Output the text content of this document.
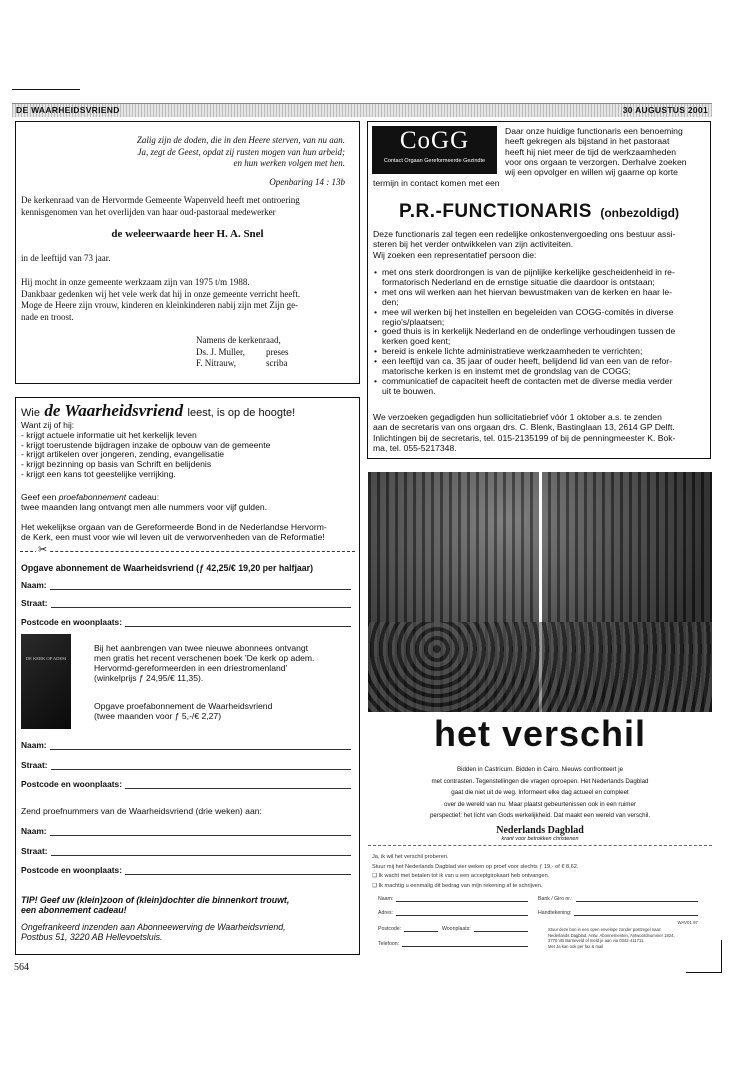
DE WAARHEIDSVRIEND	30 AUGUSTUS 2001
Zalig zijn de doden, die in den Heere sterven, van nu aan.
Ja, zegt de Geest, opdat zij rusten mogen van hun arbeid;
en hun werken volgen met hen.
Openbaring 14 : 13b
De kerkenraad van de Hervormde Gemeente Wapenveld heeft met ontroering
kennisgenomen van het overlijden van haar oud-pastoraal medewerker
de weleerwaarde heer H. A. Snel
in de leeftijd van 73 jaar.
Hij mocht in onze gemeente werkzaam zijn van 1975 t/m 1988.
Dankbaar gedenken wij het vele werk dat hij in onze gemeente verricht heeft.
Moge de Heere zijn vrouw, kinderen en kleinkinderen nabij zijn met Zijn ge-
nade en troost.
Namens de kerkenraad,
Ds. J. Muller, preses
F. Nitrauw,	scriba
CoGG
Contact Orgaan Gereformeerde Gezindte
Daar onze huidige functionaris een benoeming
heeft gekregen als bijstand in het pastoraat
heeft hij niet meer de tijd de werkzaamheden
voor ons orgaan te verzorgen. Derhalve zoeken
wij een opvolger en willen wij gaarne op korte
termijn in contact komen met een
P.R.-FUNCTIONARIS (onbezoldigd)
Deze functionaris zal tegen een redelijke onkostenvergoeding ons bestuur assi-
steren bij het verder ontwikkelen van zijn activiteiten.
Wij zoeken een representatief persoon die:
• met ons sterk doordrongen is van de pijnlijke kerkelijke gescheidenheid in re-
formatorisch Nederland en de ernstige situatie die daardoor is ontstaan;
• met ons wil werken aan het hiervan bewustmaken van de kerken en haar le-
den;
• mee wil werken bij het instellen en begeleiden van COGG-comités in diverse
regio's/plaatsen;
• goed thuis is in kerkelijk Nederland en de onderlinge verhoudingen tussen de
kerken goed kent;
• bereid is enkele lichte administratieve werkzaamheden te verrichten;
• een leeftijd van ca. 35 jaar of ouder heeft, belijdend lid van een van de refor-
matorische kerken is en instemt met de grondslag van de COGG;
• communicatief de capaciteit heeft de contacten met de diverse media verder
uit te bouwen.
We verzoeken gegadigden hun sollicitatiebrief vóór 1 oktober a.s. te zenden
aan de secretaris van ons orgaan drs. C. Blenk, Bastinglaan 13, 2614 GP Delft.
Inlichtingen bij de secretaris, tel. 015-2135199 of bij de penningmeester K. Bok-
ma, tel. 055-5217348.
Wie de Waarheidsvriend leest, is op de hoogte!
Want zij of hij:
- krijgt actuele informatie uit het kerkelijk leven
- krijgt toerustende bijdragen inzake de opbouw van de gemeente
- krijgt artikelen over jongeren, zending, evangelisatie
- krijgt bezinning op basis van Schrift en belijdenis
- krijgt een kans tot geestelijke verrijking.
Geef een proefabonnement cadeau:
twee maanden lang ontvangt men alle nummers voor vijf gulden.
Het wekelijkse orgaan van de Gereformeerde Bond in de Nederlandse Hervorm-
de Kerk, een must voor wie wil leven uit de verworvenheden van de Reformatie!
✂
Opgave abonnement de Waarheidsvriend (ƒ 42,25/€ 19,20 per halfjaar)
Naam:
Straat:
Postcode en woonplaats:
DE KERK OP ADEM
Bij het aanbrengen van twee nieuwe abonnees ontvangt
men gratis het recent verschenen boek 'De kerk op adem.
Hervormd-gereformeerden in een driestromenland'
(winkelprijs ƒ 24,95/€ 11,35).
Opgave proefabonnement de Waarheidsvriend
(twee maanden voor ƒ 5,-/€ 2,27)
Naam:
Straat:
Postcode en woonplaats:
Zend proefnummers van de Waarheidsvriend (drie weken) aan:
Naam:
Straat:
Postcode en woonplaats:
TIP! Geef uw (klein)zoon of (klein)dochter die binnenkort trouwt,
een abonnement cadeau!
Ongefrankeerd inzenden aan Abonneewerving de Waarheidsvriend,
Postbus 51, 3220 AB Hellevoetsluis.
het verschil
Bidden in Castricum. Bidden in Cairo. Nieuws confronteert je
met contrasten. Tegenstellingen die vragen oproepen. Het Nederlands Dagblad
gaat die niet uit de weg. Informeert elke dag actueel en compleet
over de wereld van nu. Maar plaatst gebeurtenissen ook in een ruimer
perspectief: het licht van Gods werkelijkheid. Dat maakt een wereld van verschil.
Nederlands Dagblad
krant voor betrokken christenen
Ja, ik wil het verschil proberen.
Stuur mij het Nederlands Dagblad vier weken op proef voor slechts ƒ 19,- of € 8,62.
❑ Ik wacht met betalen tot ik van u een acceptgirokaart heb ontvangen.
❑ Ik machtig u eenmalig dit bedrag van mijn rekening af te schrijven.
Naam:	Bank / Giro nr.:
Adres:	Handtekening:
Postcode:	Woonplaats:
Telefoon:
WAV01 97
Stuur deze bon in een open envelope zonder postzegel naar:
Nederlands Dagblad, Antw. Abonnementen, Antwoordnummer 1824,
3770 VB Barneveld of meld je aan via 0342-411711.
Met Ja kan ook per fax & mail
564
